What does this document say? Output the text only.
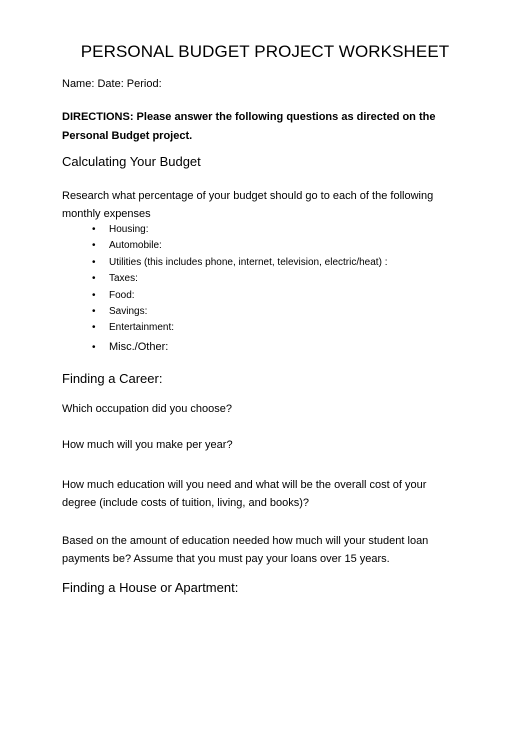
PERSONAL BUDGET PROJECT WORKSHEET
Name: Date: Period:
DIRECTIONS: Please answer the following questions as directed on the Personal Budget project.
Calculating Your Budget
Research what percentage of your budget should go to each of the following monthly expenses
• Housing:
• Automobile:
• Utilities (this includes phone, internet, television, electric/heat) :
• Taxes:
• Food:
• Savings:
• Entertainment:
• Misc./Other:
Finding a Career:
Which occupation did you choose?
How much will you make per year?
How much education will you need and what will be the overall cost of your degree (include costs of tuition, living, and books)?
Based on the amount of education needed how much will your student loan payments be? Assume that you must pay your loans over 15 years.
Finding a House or Apartment:
